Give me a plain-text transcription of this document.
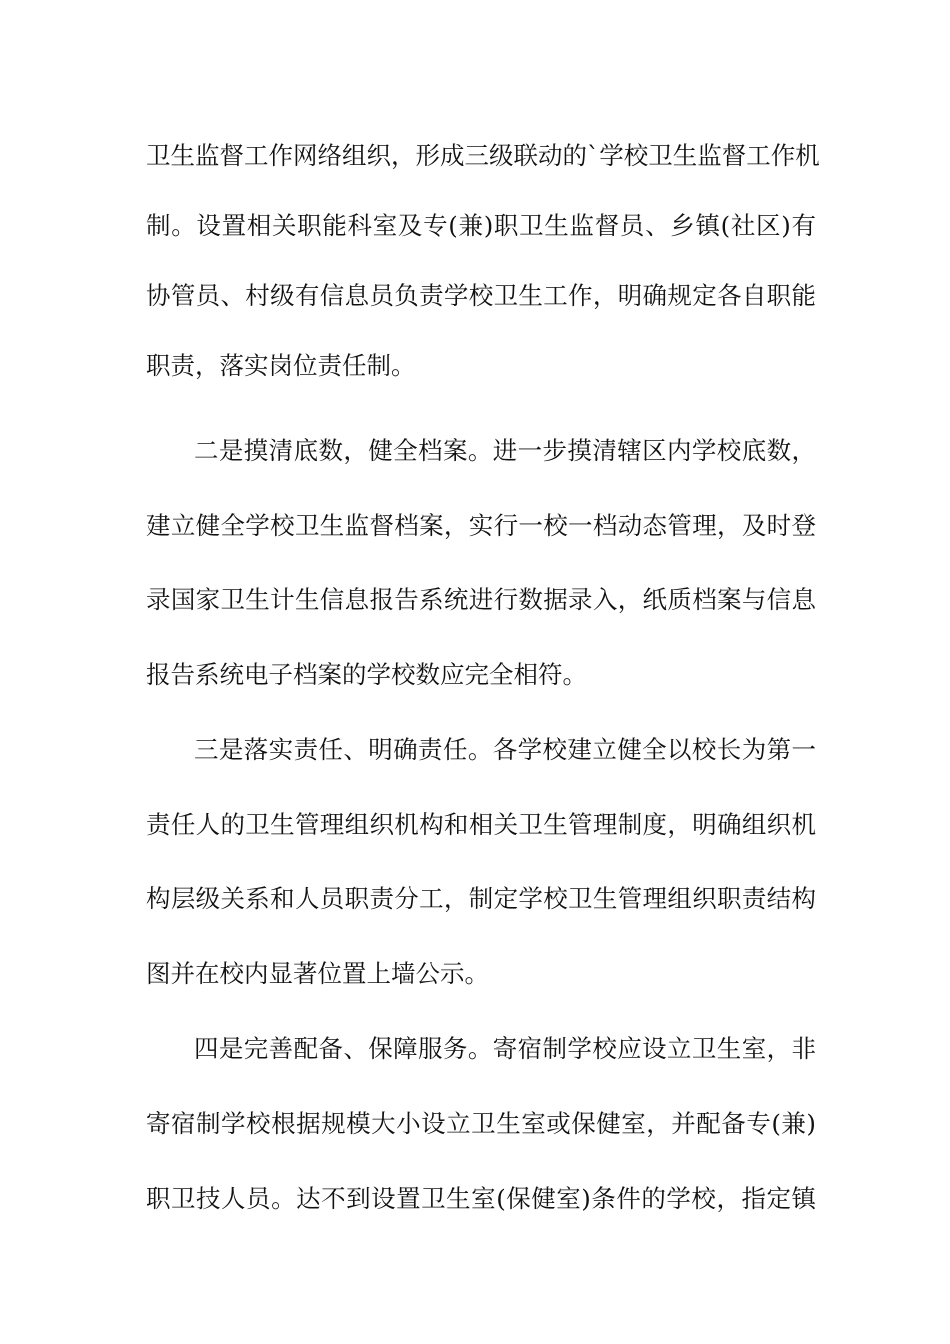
卫生监督工作网络组织，形成三级联动的`学校卫生监督工作机
制。设置相关职能科室及专(兼)职卫生监督员、乡镇(社区)有
协管员、村级有信息员负责学校卫生工作，明确规定各自职能
职责，落实岗位责任制。
二是摸清底数，健全档案。进一步摸清辖区内学校底数，
建立健全学校卫生监督档案，实行一校一档动态管理，及时登
录国家卫生计生信息报告系统进行数据录入，纸质档案与信息
报告系统电子档案的学校数应完全相符。
三是落实责任、明确责任。各学校建立健全以校长为第一
责任人的卫生管理组织机构和相关卫生管理制度，明确组织机
构层级关系和人员职责分工，制定学校卫生管理组织职责结构
图并在校内显著位置上墙公示。
四是完善配备、保障服务。寄宿制学校应设立卫生室，非
寄宿制学校根据规模大小设立卫生室或保健室，并配备专(兼)
职卫技人员。达不到设置卫生室(保健室)条件的学校，指定镇
